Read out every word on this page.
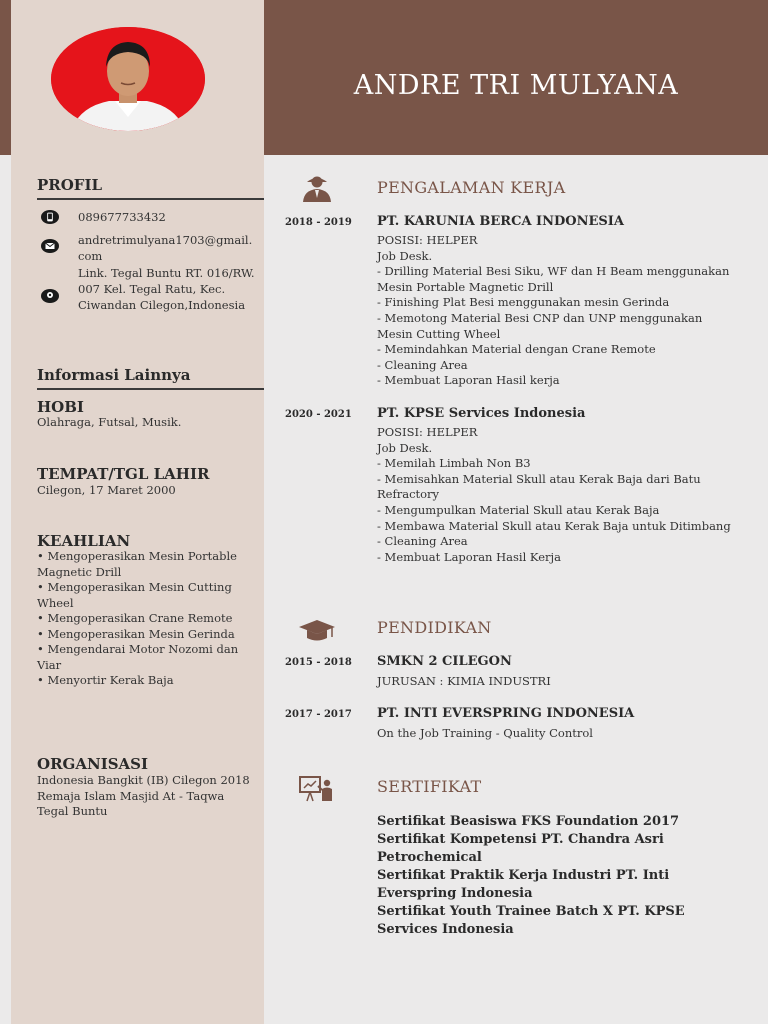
ANDRE TRI MULYANA
PROFIL
089677733432
andretrimulyana1703@gmail.com
Link. Tegal Buntu RT. 016/RW. 007 Kel. Tegal Ratu, Kec. Ciwandan Cilegon,Indonesia
Informasi Lainnya
HOBI
Olahraga, Futsal, Musik.
TEMPAT/TGL LAHIR
Cilegon, 17 Maret 2000
KEAHLIAN
• Mengoperasikan Mesin Portable Magnetic Drill
• Mengoperasikan Mesin Cutting Wheel
• Mengoperasikan Crane Remote
• Mengoperasikan Mesin Gerinda
• Mengendarai Motor Nozomi dan Viar
• Menyortir Kerak Baja
ORGANISASI
Indonesia Bangkit (IB) Cilegon 2018
Remaja Islam Masjid At - Taqwa Tegal Buntu
PENGALAMAN KERJA
2018 - 2019 PT. KARUNIA BERCA INDONESIA
POSISI: HELPER
Job Desk.
- Drilling Material Besi Siku, WF dan H Beam menggunakan Mesin Portable Magnetic Drill
- Finishing Plat Besi menggunakan mesin Gerinda
- Memotong Material Besi CNP dan UNP menggunakan Mesin Cutting Wheel
- Memindahkan Material dengan Crane Remote
- Cleaning Area
- Membuat Laporan Hasil kerja
2020 - 2021 PT. KPSE Services Indonesia
POSISI: HELPER
Job Desk.
- Memilah Limbah Non B3
- Memisahkan Material Skull atau Kerak Baja dari Batu Refractory
- Mengumpulkan Material Skull atau Kerak Baja
- Membawa Material Skull atau Kerak Baja untuk Ditimbang
- Cleaning Area
- Membuat Laporan Hasil Kerja
PENDIDIKAN
2015 - 2018 SMKN 2 CILEGON
JURUSAN : KIMIA INDUSTRI
2017 - 2017 PT. INTI EVERSPRING INDONESIA
On the Job Training - Quality Control
SERTIFIKAT
Sertifikat Beasiswa FKS Foundation 2017
Sertifikat Kompetensi PT. Chandra Asri Petrochemical
Sertifikat Praktik Kerja Industri PT. Inti Everspring Indonesia
Sertifikat Youth Trainee Batch X PT. KPSE Services Indonesia
